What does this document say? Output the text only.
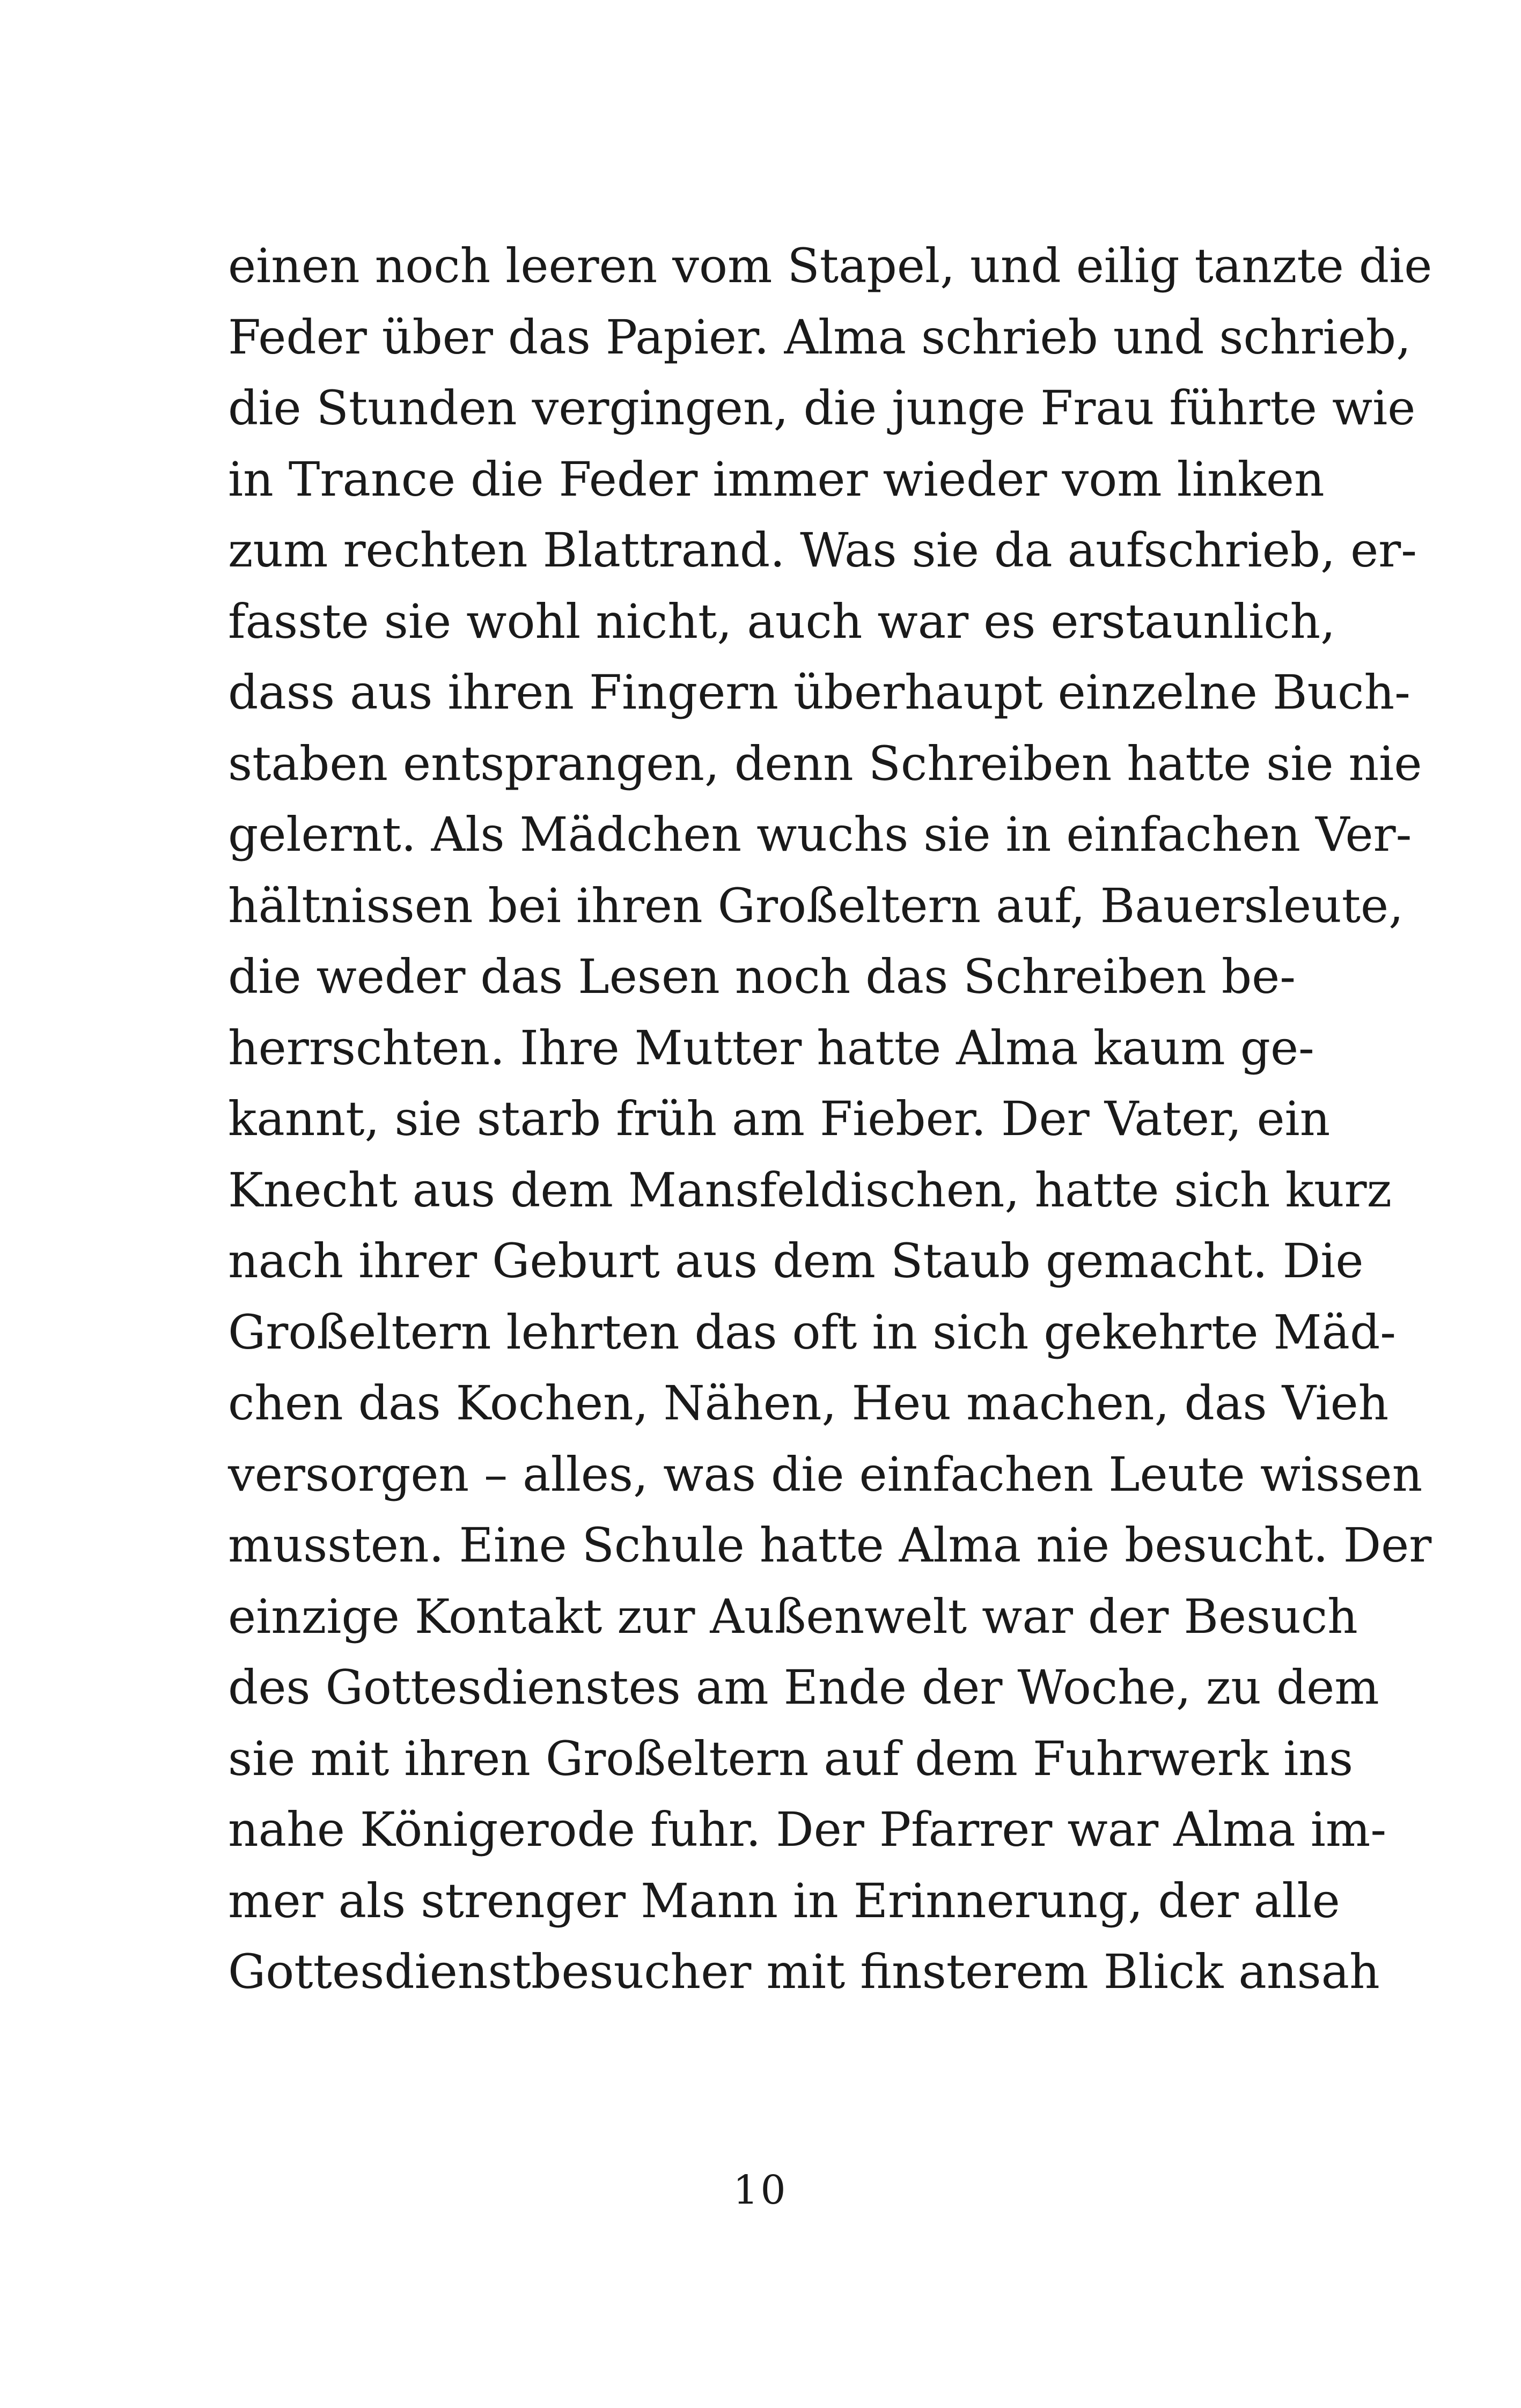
einen noch leeren vom Stapel, und eilig tanzte die
Feder über das Papier. Alma schrieb und schrieb,
die Stunden vergingen, die junge Frau führte wie
in Trance die Feder immer wieder vom linken
zum rechten Blattrand. Was sie da aufschrieb, er-
fasste sie wohl nicht, auch war es erstaunlich,
dass aus ihren Fingern überhaupt einzelne Buch-
staben entsprangen, denn Schreiben hatte sie nie
gelernt. Als Mädchen wuchs sie in einfachen Ver-
hältnissen bei ihren Großeltern auf, Bauersleute,
die weder das Lesen noch das Schreiben be-
herrschten. Ihre Mutter hatte Alma kaum ge-
kannt, sie starb früh am Fieber. Der Vater, ein
Knecht aus dem Mansfeldischen, hatte sich kurz
nach ihrer Geburt aus dem Staub gemacht. Die
Großeltern lehrten das oft in sich gekehrte Mäd-
chen das Kochen, Nähen, Heu machen, das Vieh
versorgen – alles, was die einfachen Leute wissen
mussten. Eine Schule hatte Alma nie besucht. Der
einzige Kontakt zur Außenwelt war der Besuch
des Gottesdienstes am Ende der Woche, zu dem
sie mit ihren Großeltern auf dem Fuhrwerk ins
nahe Königerode fuhr. Der Pfarrer war Alma im-
mer als strenger Mann in Erinnerung, der alle
Gottesdienstbesucher mit finsterem Blick ansah
10
